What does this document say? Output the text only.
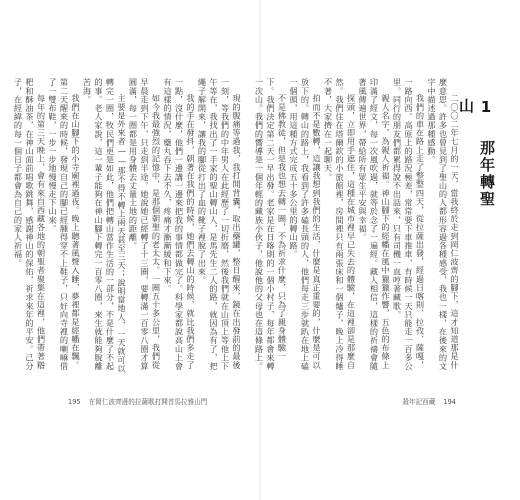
現的腹痛等過我，我打開背囊，取出藥罐，整日醒來，鏡在出發前的最後一刻，等我們的中年男人在此經歷了一切折磨，然後我們就在山頂上等他上下午等在，我找出了一手家的聖山轉山人，是馬先生二人的路，就因為有了，把繩子解開來，讓我的腳從打出了血的靴子裡脫了出來。

我的手在發抖，朝著在我們的時候，她們去轉山的時候，就比我們多走了一點，沒什麼，他們一邊講一邊來把我的事情都做完了。科學家都說高山上會有這樣的情況，藥丸吞下去不久，疼痛才漸漸緩和下來。

如今我最強烈的記憶中，是那個朝聖的老太太。一圈五十多公里，我們從早晨走到下午，只走到半途。她說她已經轉了十三圈，要轉滿一百零八圈才算圓滿，每一圈都是用身體去丈量土地的距離。

主要是外來者——那不得不轉上兩天甚至三天；說明當地人，一天就可以轉完一圈，牧民們更是如此，他們把轉山當作生活的一部分，不是什麼了不起的事。老人家說，這一輩子能夠在神山腳下轉完一百零八圈，來生就能夠脫離苦海。

我們在山腳下的小寺廟裡過夜。晚上聽著風聲入睡，夢裡都是經幡在飄。第二天醒來的時候，發現自己的腳已經腫得穿不上鞋子，只好向寺裡的喇嘛借了一雙布鞋，一步一步地慢慢走下山來。

每年的第三天晚上，會有來自西藏各地的朝聖者聚集在這裡，他們帶著糌粑和酥油茶，在神山面前唱歌跳舞，感謝神山的保佑，祈求來年的平安。己分子，在經緯的每一個日子都會為自己的家人祈福。

195 在岡仁波齊邊的拉薩歌打開首馬拉雅山門
1 那年轉聖山

二〇〇二年七月的一天，當我終於走到岡仁波齊的腳下，這才知道那是什麼意思。許多也曾見到了聖山的人都形容過各種感受，我也一樣，在後來的文字中描述過那種感動。

我們的車在路上走了整整四天，從拉薩出發，經過日喀則、拉孜、薩嘎，一路向西。高原上的路況極差，常常要下車推車，有時候一天只能走一百多公里。同行的朋友們都累得說不出話來，只有司機一直哼著藏歌。

親人名字，為親人祈福。神山腳下的經幡在風中獵獵作響，五色的布條上印滿了經文，每一次風吹過，就等於念了一遍經。藏人相信，這樣的祈禱會隨著風傳遍世界，帶給所有眾生平安與幸福。

探頭，立即用手遮住，這種在城市裡早已失去的體驗，在這裡卻是那麼自然。我們住在塔爾欽的小旅館裡，房間裡只有兩張床和一個爐子，晚上冷得睡不著，大家擠在一起聊天。

拍而不是數轉，這讓我想到我們的生活，什麼是真正重要的，什麼是可以放下的。轉山的路上，我看到了許多磕長頭的人，他們每走三步就趴在地上磕一個頭，用這種方式完成五十多公里的轉山路。

不是佛教徒，但是我也想去轉一圈，不為祈求什麼，只為了親身體驗一下。我們決定第二天一早出發。老家是在日喀則的一個小村子，每年都會來轉一次山。我們的嚮導是一個年輕的藏族小伙子，他說他的父母也在這條路上。

殺年記西藏 194
